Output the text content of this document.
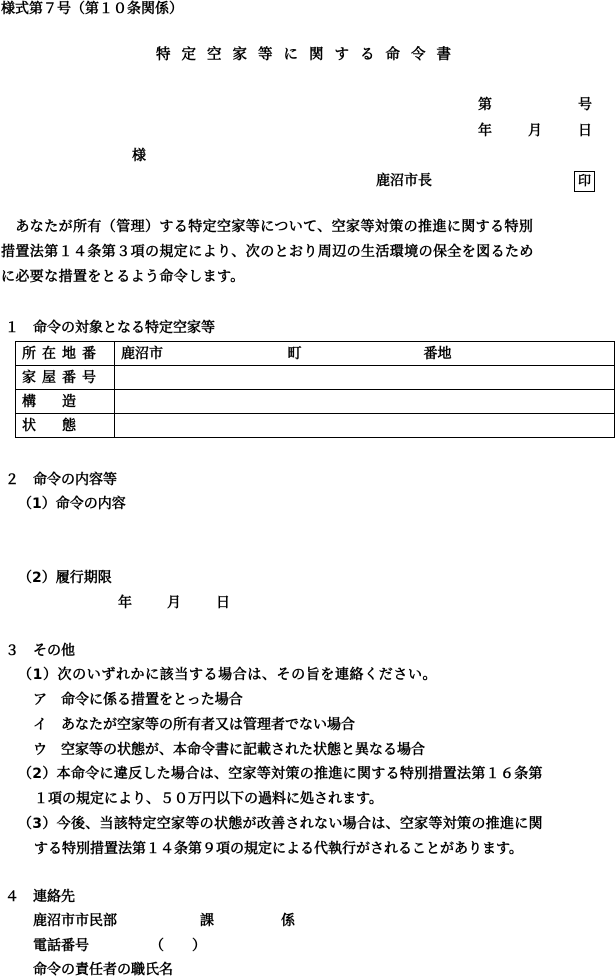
様式第７号（第１０条関係）
特定空家等に関する命令書
第	号
年	月	日
様
鹿沼市長	印
　あなたが所有（管理）する特定空家等について、空家等対策の推進に関する特別
措置法第１４条第３項の規定により、次のとおり周辺の生活環境の保全を図るため
に必要な措置をとるよう命令します。
１　命令の対象となる特定空家等
所在地番	鹿沼市 町 番地

家屋番号	
構　造	
状　態	
２　命令の内容等
（1）命令の内容
（2）履行期限
年	月	日
３　その他
（1）次のいずれかに該当する場合は、その旨を連絡ください。
ア　命令に係る措置をとった場合
イ　あなたが空家等の所有者又は管理者でない場合
ウ　空家等の状態が、本命令書に記載された状態と異なる場合
（2）本命令に違反した場合は、空家等対策の推進に関する特別措置法第１６条第
１項の規定により、５０万円以下の過料に処されます。
（3）今後、当該特定空家等の状態が改善されない場合は、空家等対策の推進に関
する特別措置法第１４条第９項の規定による代執行がされることがあります。
４　連絡先
鹿沼市市民部	課	係
電話番号	（　　）
命令の責任者の職氏名
